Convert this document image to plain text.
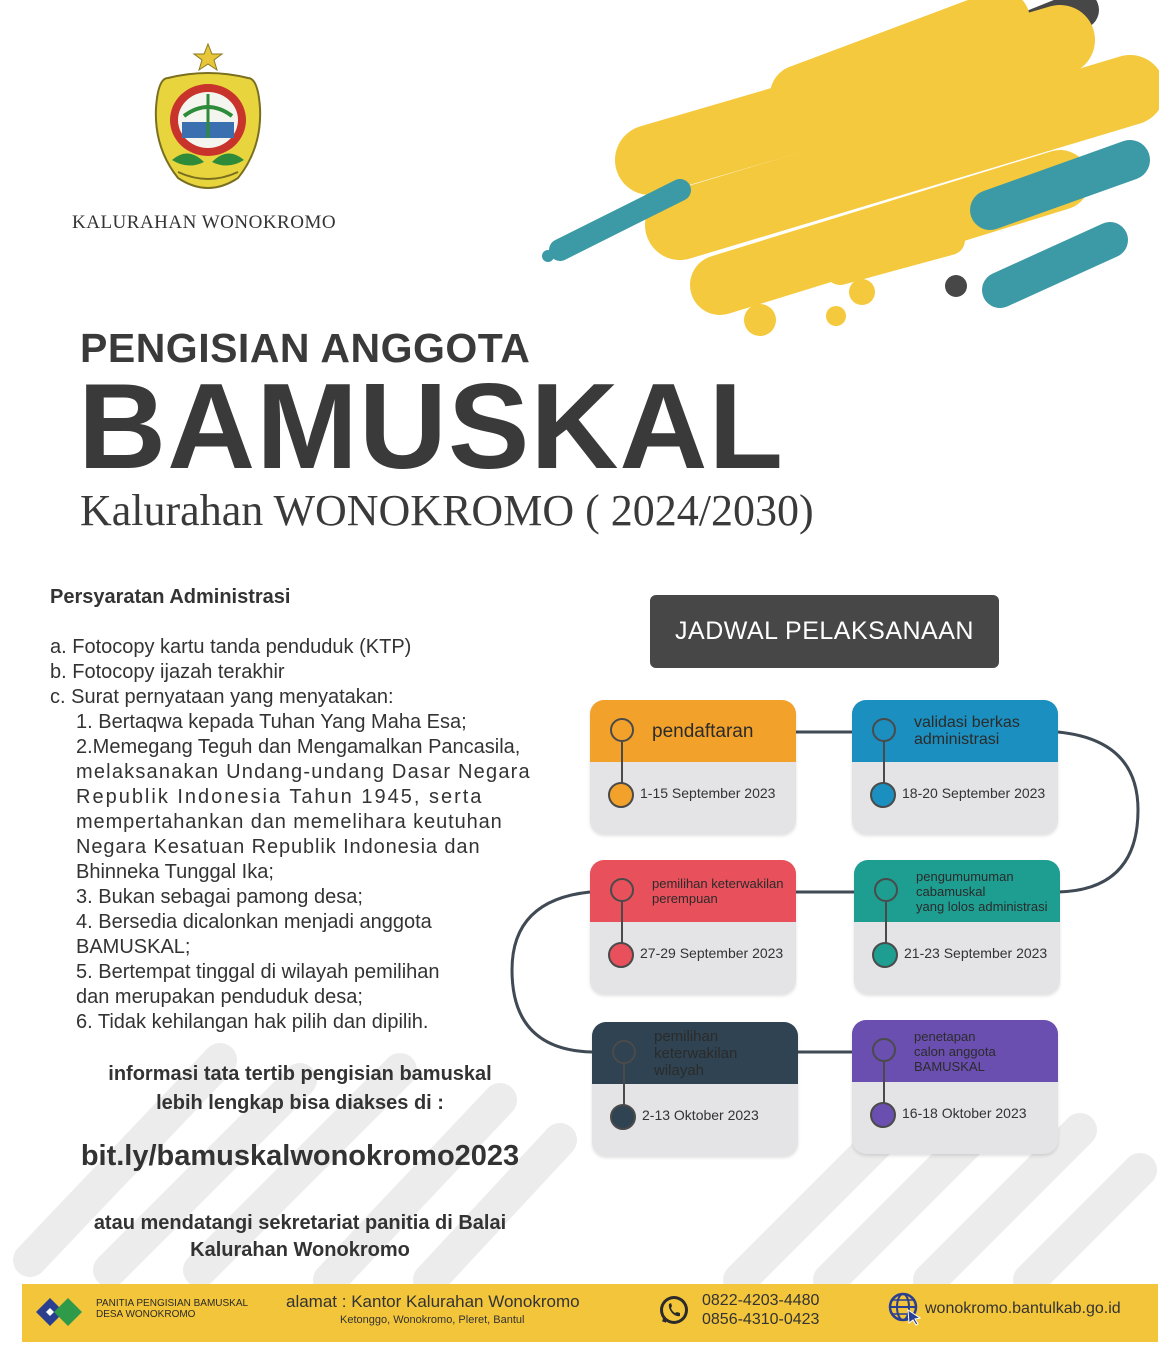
KALURAHAN WONOKROMO
PENGISIAN ANGGOTA
BAMUSKAL
Kalurahan WONOKROMO ( 2024/2030)
Persyaratan Administrasi
a. Fotocopy kartu tanda penduduk (KTP)
b. Fotocopy ijazah terakhir
c. Surat pernyataan yang menyatakan:
1. Bertaqwa kepada Tuhan Yang Maha Esa;
2.Memegang Teguh dan Mengamalkan Pancasila,
melaksanakan Undang-undang Dasar Negara
Republik Indonesia Tahun 1945, serta
mempertahankan dan memelihara keutuhan
Negara Kesatuan Republik Indonesia dan
Bhinneka Tunggal Ika;
3. Bukan sebagai pamong desa;
4. Bersedia dicalonkan menjadi anggota
BAMUSKAL;
5. Bertempat tinggal di wilayah pemilihan
dan merupakan penduduk desa;
6. Tidak kehilangan hak pilih dan dipilih.
informasi tata tertib pengisian bamuskal
lebih lengkap bisa diakses di :
bit.ly/bamuskalwonokromo2023
atau mendatangi sekretariat panitia di Balai
Kalurahan Wonokromo
JADWAL PELAKSANAAN
pendaftaran
1-15 September 2023
validasi berkas
administrasi
18-20 September 2023
pengumumuman
cabamuskal
yang lolos administrasi
21-23 September 2023
pemilihan keterwakilan
perempuan
27-29 September 2023
pemilihan
keterwakilan
wilayah
2-13 Oktober 2023
penetapan
calon anggota
BAMUSKAL
16-18 Oktober 2023
PANITIA PENGISIAN BAMUSKAL
DESA WONOKROMO
alamat : Kantor Kalurahan Wonokromo
Ketonggo, Wonokromo, Pleret, Bantul
0822-4203-4480
0856-4310-0423
wonokromo.bantulkab.go.id
